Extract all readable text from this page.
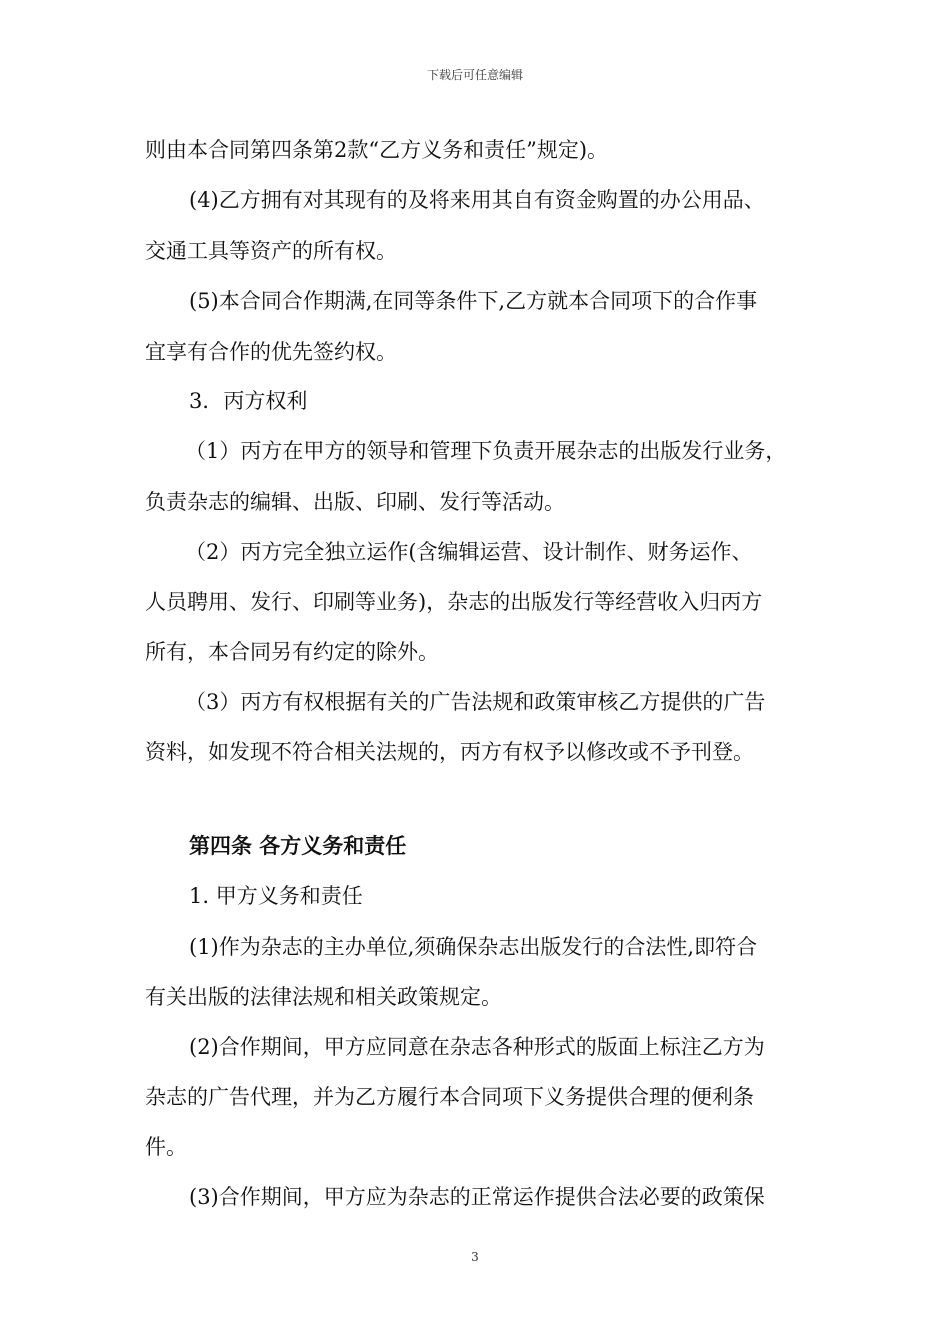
下载后可任意编辑
则由本合同第四条第2款“乙方义务和责任”规定)。
(4)乙方拥有对其现有的及将来用其自有资金购置的办公用品、
交通工具等资产的所有权。
(5)本合同合作期满,在同等条件下,乙方就本合同项下的合作事
宜享有合作的优先签约权。
3．丙方权利
（1）丙方在甲方的领导和管理下负责开展杂志的出版发行业务，
负责杂志的编辑、出版、印刷、发行等活动。
（2）丙方完全独立运作(含编辑运营、设计制作、财务运作、
人员聘用、发行、印刷等业务)，杂志的出版发行等经营收入归丙方
所有，本合同另有约定的除外。
（3）丙方有权根据有关的广告法规和政策审核乙方提供的广告
资料，如发现不符合相关法规的，丙方有权予以修改或不予刊登。
第四条 各方义务和责任
1. 甲方义务和责任
(1)作为杂志的主办单位,须确保杂志出版发行的合法性,即符合
有关出版的法律法规和相关政策规定。
(2)合作期间，甲方应同意在杂志各种形式的版面上标注乙方为
杂志的广告代理，并为乙方履行本合同项下义务提供合理的便利条
件。
(3)合作期间，甲方应为杂志的正常运作提供合法必要的政策保
3
